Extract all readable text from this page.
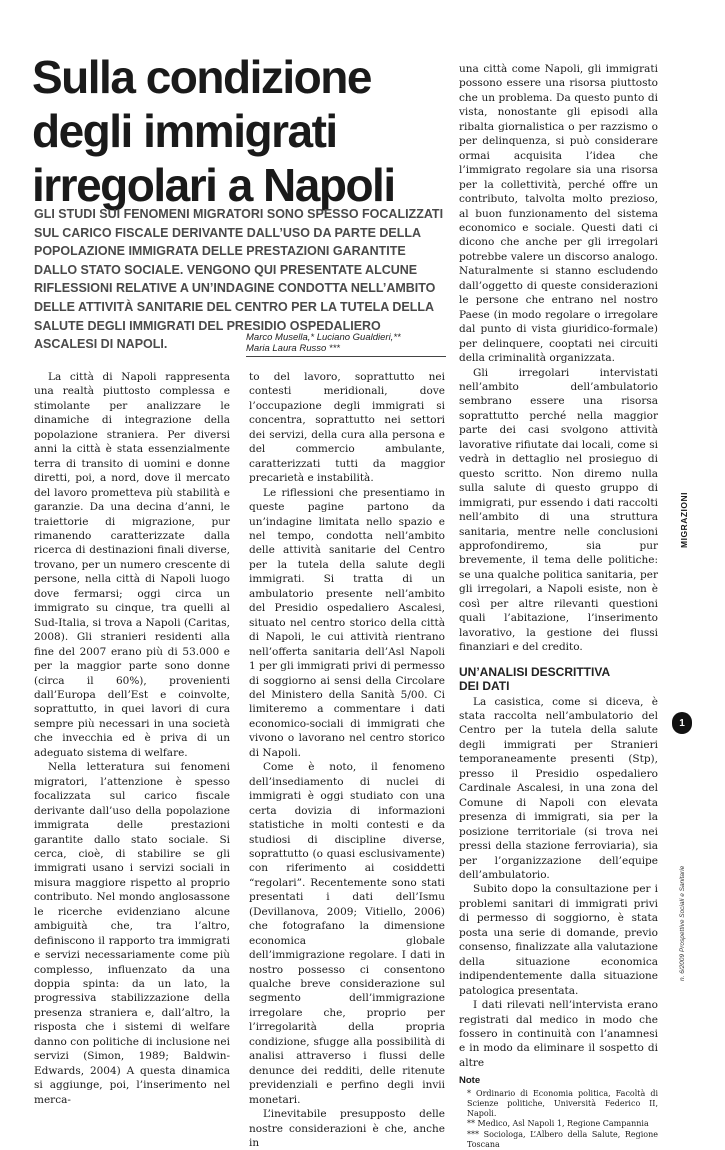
Sulla condizione
degli immigrati
irregolari a Napoli

GLI STUDI SUI FENOMENI MIGRATORI SONO SPESSO FOCALIZZATI SUL CARICO FISCALE DERIVANTE DALL’USO DA PARTE DELLA POPOLAZIONE IMMIGRATA DELLE PRESTAZIONI GARANTITE DALLO STATO SOCIALE. VENGONO QUI PRESENTATE ALCUNE RIFLESSIONI RELATIVE A UN’INDAGINE CONDOTTA NELL’AMBITO DELLE ATTIVITÀ SANITARIE DEL CENTRO PER LA TUTELA DELLA SALUTE DEGLI IMMIGRATI DEL PRESIDIO OSPEDALIERO ASCALESI DI NAPOLI.	Marco Musella,* Luciano Gualdieri,**
Maria Laura Russo ***

La città di Napoli rappresenta una realtà piuttosto complessa e stimolante per analizzare le dinamiche di integrazione della popolazione straniera. Per diversi anni la città è stata essenzialmente terra di transito di uomini e donne diretti, poi, a nord, dove il mercato del lavoro prometteva più stabilità e garanzie. Da una decina d’anni, le traiettorie di migrazione, pur rimanendo caratterizzate dalla ricerca di destinazioni finali diverse, trovano, per un numero crescente di persone, nella città di Napoli luogo dove fermarsi; oggi circa un immigrato su cinque, tra quelli al Sud-Italia, si trova a Napoli (Caritas, 2008). Gli stranieri residenti alla fine del 2007 erano più di 53.000 e per la maggior parte sono donne (circa il 60%), provenienti dall’Europa dell’Est e coinvolte, soprattutto, in quei lavori di cura sempre più necessari in una società che invecchia ed è priva di un adeguato sistema di welfare.

Nella letteratura sui fenomeni migratori, l’attenzione è spesso focalizzata sul carico fiscale derivante dall’uso della popolazione immigrata delle prestazioni garantite dallo stato sociale. Si cerca, cioè, di stabilire se gli immigrati usano i servizi sociali in misura maggiore rispetto al proprio contributo. Nel mondo anglosassone le ricerche evidenziano alcune ambiguità che, tra l’altro, definiscono il rapporto tra immigrati e servizi necessariamente come più complesso, influenzato da una doppia spinta: da un lato, la progressiva stabilizzazione della presenza straniera e, dall’altro, la risposta che i sistemi di welfare danno con politiche di inclusione nei servizi (Simon, 1989; Baldwin-Edwards, 2004) A questa dinamica si aggiunge, poi, l’inserimento nel merca-

to del lavoro, soprattutto nei contesti meridionali, dove l’occupazione degli immigrati si concentra, soprattutto nei settori dei servizi, della cura alla persona e del commercio ambulante, caratterizzati tutti da maggior precarietà e instabilità.

Le riflessioni che presentiamo in queste pagine partono da un’indagine limitata nello spazio e nel tempo, condotta nell’ambito delle attività sanitarie del Centro per la tutela della salute degli immigrati. Si tratta di un ambulatorio presente nell’ambito del Presidio ospedaliero Ascalesi, situato nel centro storico della città di Napoli, le cui attività rientrano nell’offerta sanitaria dell’Asl Napoli 1 per gli immigrati privi di permesso di soggiorno ai sensi della Circolare del Ministero della Sanità 5/00. Ci limiteremo a commentare i dati economico-sociali di immigrati che vivono o lavorano nel centro storico di Napoli.

Come è noto, il fenomeno dell’insediamento di nuclei di immigrati è oggi studiato con una certa dovizia di informazioni statistiche in molti contesti e da studiosi di discipline diverse, soprattutto (o quasi esclusivamente) con riferimento ai cosiddetti “regolari”. Recentemente sono stati presentati i dati dell’Ismu (Devillanova, 2009; Vitiello, 2006) che fotografano la dimensione economica globale dell’immigrazione regolare. I dati in nostro possesso ci consentono qualche breve considerazione sul segmento dell’immigrazione irregolare che, proprio per l’irregolarità della propria condizione, sfugge alla possibilità di analisi attraverso i flussi delle denunce dei redditi, delle ritenute previdenziali e perfino degli invii monetari.

L’inevitabile presupposto delle nostre considerazioni è che, anche in

una città come Napoli, gli immigrati possono essere una risorsa piuttosto che un problema. Da questo punto di vista, nonostante gli episodi alla ribalta giornalistica o per razzismo o per delinquenza, si può considerare ormai acquisita l’idea che l’immigrato regolare sia una risorsa per la collettività, perché offre un contributo, talvolta molto prezioso, al buon funzionamento del sistema economico e sociale. Questi dati ci dicono che anche per gli irregolari potrebbe valere un discorso analogo. Naturalmente si stanno escludendo dall’oggetto di queste considerazioni le persone che entrano nel nostro Paese (in modo regolare o irregolare dal punto di vista giuridico-formale) per delinquere, cooptati nei circuiti della criminalità organizzata.

Gli irregolari intervistati nell’ambito dell’ambulatorio sembrano essere una risorsa soprattutto perché nella maggior parte dei casi svolgono attività lavorative rifiutate dai locali, come si vedrà in dettaglio nel prosieguo di questo scritto. Non diremo nulla sulla salute di questo gruppo di immigrati, pur essendo i dati raccolti nell’ambito di una struttura sanitaria, mentre nelle conclusioni approfondiremo, sia pur brevemente, il tema delle politiche: se una qualche politica sanitaria, per gli irregolari, a Napoli esiste, non è così per altre rilevanti questioni quali l’abitazione, l’inserimento lavorativo, la gestione dei flussi finanziari e del credito.

UN’ANALISI DESCRITTIVA
DEI DATI

La casistica, come si diceva, è stata raccolta nell’ambulatorio del Centro per la tutela della salute degli immigrati per Stranieri temporaneamente presenti (Stp), presso il Presidio ospedaliero Cardinale Ascalesi, in una zona del Comune di Napoli con elevata presenza di immigrati, sia per la posizione territoriale (si trova nei pressi della stazione ferroviaria), sia per l’organizzazione dell’equipe dell’ambulatorio.

Subito dopo la consultazione per i problemi sanitari di immigrati privi di permesso di soggiorno, è stata posta una serie di domande, previo consenso, finalizzate alla valutazione della situazione economica indipendentemente dalla situazione patologica presentata.

I dati rilevati nell’intervista erano registrati dal medico in modo che fossero in continuità con l’anamnesi e in modo da eliminare il sospetto di altre

Note

* Ordinario di Economia politica, Facoltà di Scienze politiche, Università Federico II, Napoli.

** Medico, Asl Napoli 1, Regione Campannia

*** Sociologa, L’Albero della Salute, Regione Toscana

MIGRAZIONI
1
n. 6/2009 Prospettive Sociali e Sanitarie
